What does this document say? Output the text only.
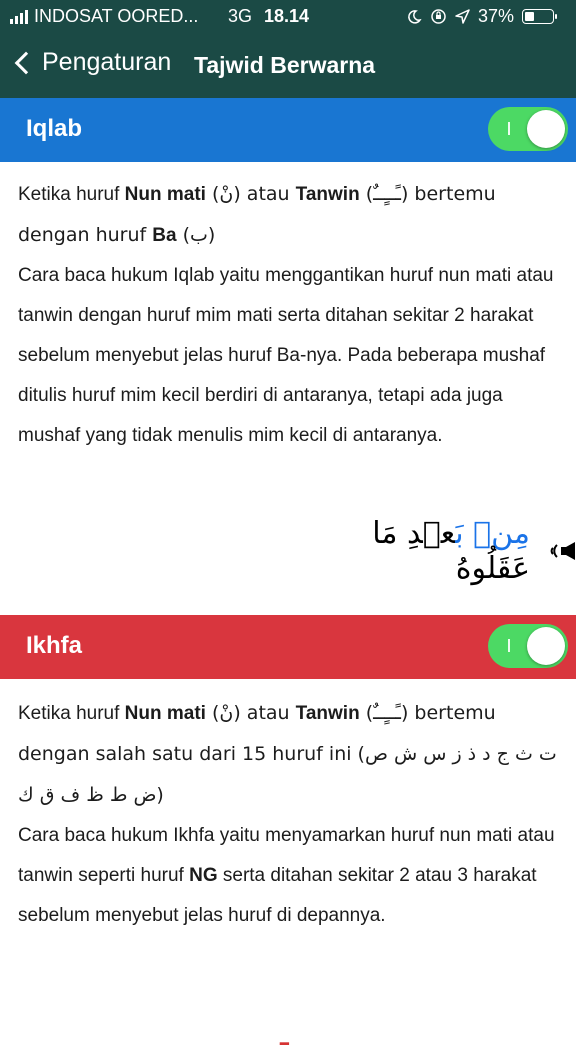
INDOSAT OORED... 3G 18.14	37%
Pengaturan Tajwid Berwarna
Iqlab

Ketika huruf Nun mati (نْ) atau Tanwin (ـًــٍــٌ) bertemu dengan huruf Ba (ب)

Cara baca hukum Iqlab yaitu menggantikan huruf nun mati atau tanwin dengan huruf mim mati serta ditahan sekitar 2 harakat sebelum menyebut jelas huruf Ba-nya. Pada beberapa mushaf ditulis huruf mim kecil berdiri di antaranya, tetapi ada juga mushaf yang tidak menulis mim kecil di antaranya.

مِنۢ بَعۡدِ مَا عَقَلُوهُ
Ikhfa

Ketika huruf Nun mati (نْ) atau Tanwin (ـًــٍــٌ) bertemu dengan salah satu dari 15 huruf ini (ت ث ج د ذ ز س ش ص ض ط ظ ف ق ك)

Cara baca hukum Ikhfa yaitu menyamarkan huruf nun mati atau tanwin seperti huruf NG serta ditahan sekitar 2 atau 3 harakat sebelum menyebut jelas huruf di depannya.

ـ
